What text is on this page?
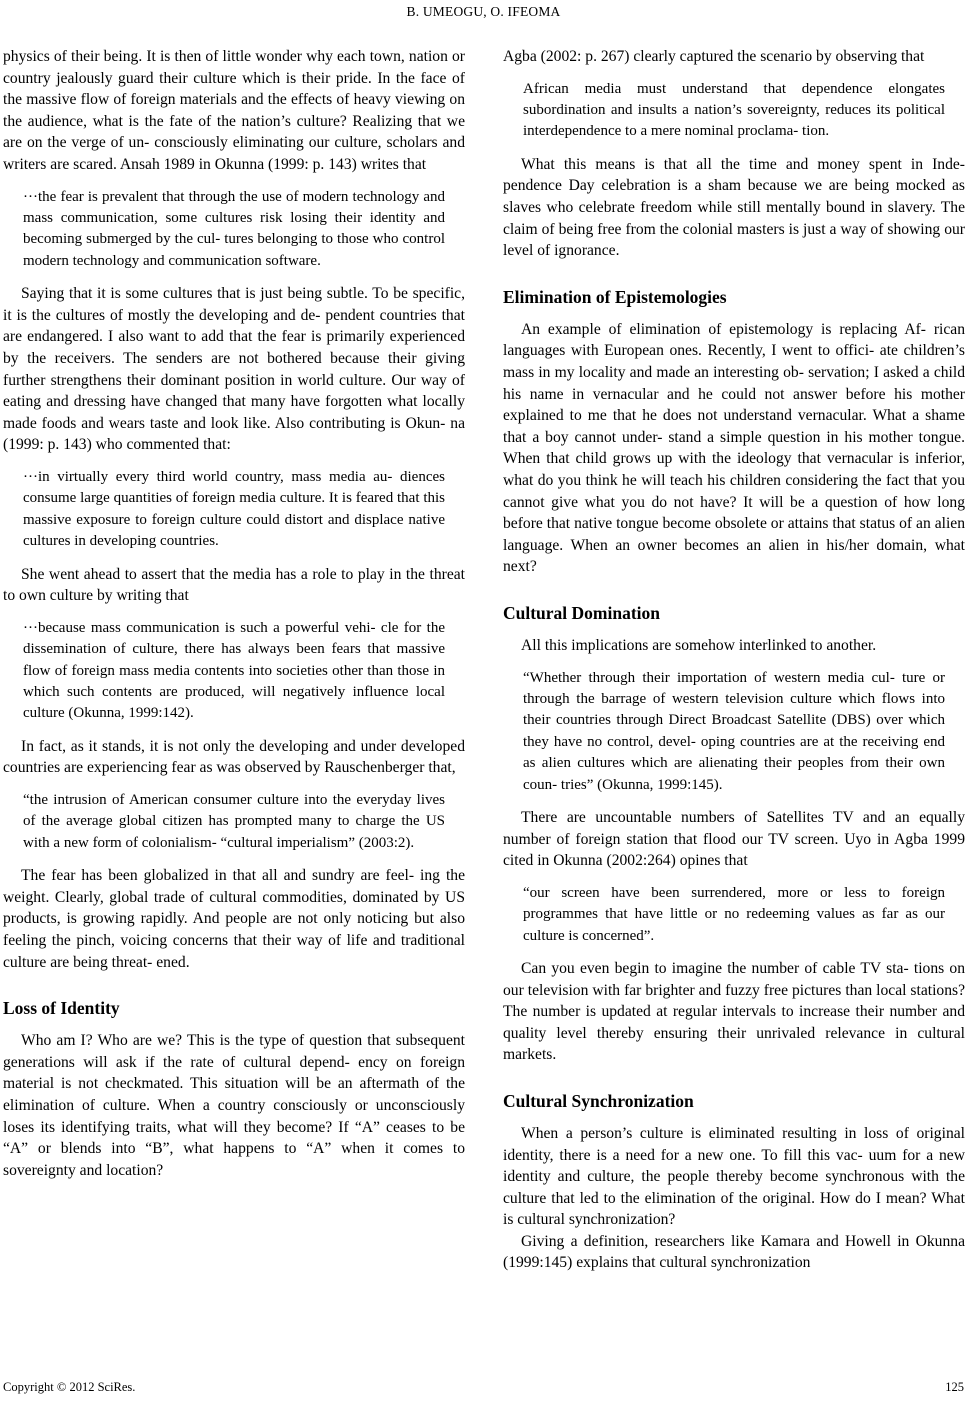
B. UMEOGU, O. IFEOMA

physics of their being. It is then of little wonder why each town, nation or country jealously guard their culture which is their pride. In the face of the massive flow of foreign materials and the effects of heavy viewing on the audience, what is the fate of the nation’s culture? Realizing that we are on the verge of un- consciously eliminating our culture, scholars and writers are scared. Ansah 1989 in Okunna (1999: p. 143) writes that

···the fear is prevalent that through the use of modern technology and mass communication, some cultures risk losing their identity and becoming submerged by the cul- tures belonging to those who control modern technology and communication software.

Saying that it is some cultures that is just being subtle. To be specific, it is the cultures of mostly the developing and de- pendent countries that are endangered. I also want to add that the fear is primarily experienced by the receivers. The senders are not bothered because their giving further strengthens their dominant position in world culture. Our way of eating and dressing have changed that many have forgotten what locally made foods and wears taste and look like. Also contributing is Okun- na (1999: p. 143) who commented that:

···in virtually every third world country, mass media au- diences consume large quantities of foreign media culture. It is feared that this massive exposure to foreign culture could distort and displace native cultures in developing countries.

She went ahead to assert that the media has a role to play in the threat to own culture by writing that

···because mass communication is such a powerful vehi- cle for the dissemination of culture, there has always been fears that massive flow of foreign mass media contents into societies other than those in which such contents are produced, will negatively influence local culture (Okunna, 1999:142).

In fact, as it stands, it is not only the developing and under developed countries are experiencing fear as was observed by Rauschenberger that,

“the intrusion of American consumer culture into the everyday lives of the average global citizen has prompted many to charge the US with a new form of colonialism- “cultural imperialism” (2003:2).

The fear has been globalized in that all and sundry are feel- ing the weight. Clearly, global trade of cultural commodities, dominated by US products, is growing rapidly. And people are not only noticing but also feeling the pinch, voicing concerns that their way of life and traditional culture are being threat- ened.

Loss of Identity

Who am I? Who are we? This is the type of question that subsequent generations will ask if the rate of cultural depend- ency on foreign material is not checkmated. This situation will be an aftermath of the elimination of culture. When a country consciously or unconsciously loses its identifying traits, what will they become? If “A” ceases to be “A” or blends into “B”, what happens to “A” when it comes to sovereignty and location?

Agba (2002: p. 267) clearly captured the scenario by observing that

African media must understand that dependence elongates subordination and insults a nation’s sovereignty, reduces its political interdependence to a mere nominal proclama- tion.

What this means is that all the time and money spent in Inde- pendence Day celebration is a sham because we are being mocked as slaves who celebrate freedom while still mentally bound in slavery. The claim of being free from the colonial masters is just a way of showing our level of ignorance.

Elimination of Epistemologies

An example of elimination of epistemology is replacing Af- rican languages with European ones. Recently, I went to offici- ate children’s mass in my locality and made an interesting ob- servation; I asked a child his name in vernacular and he could not answer before his mother explained to me that he does not understand vernacular. What a shame that a boy cannot under- stand a simple question in his mother tongue. When that child grows up with the ideology that vernacular is inferior, what do you think he will teach his children considering the fact that you cannot give what you do not have? It will be a question of how long before that native tongue become obsolete or attains that status of an alien language. When an owner becomes an alien in his/her domain, what next?

Cultural Domination

All this implications are somehow interlinked to another.

“Whether through their importation of western media cul- ture or through the barrage of western television culture which flows into their countries through Direct Broadcast Satellite (DBS) over which they have no control, devel- oping countries are at the receiving end as alien cultures which are alienating their peoples from their own coun- tries” (Okunna, 1999:145).

There are uncountable numbers of Satellites TV and an equally number of foreign station that flood our TV screen. Uyo in Agba 1999 cited in Okunna (2002:264) opines that

“our screen have been surrendered, more or less to foreign programmes that have little or no redeeming values as far as our culture is concerned”.

Can you even begin to imagine the number of cable TV sta- tions on our television with far brighter and fuzzy free pictures than local stations? The number is updated at regular intervals to increase their number and quality level thereby ensuring their unrivaled relevance in cultural markets.

Cultural Synchronization

When a person’s culture is eliminated resulting in loss of original identity, there is a need for a new one. To fill this vac- uum for a new identity and culture, the people thereby become synchronous with the culture that led to the elimination of the original. How do I mean? What is cultural synchronization?

Giving a definition, researchers like Kamara and Howell in Okunna (1999:145) explains that cultural synchronization

Copyright © 2012 SciRes.	125
